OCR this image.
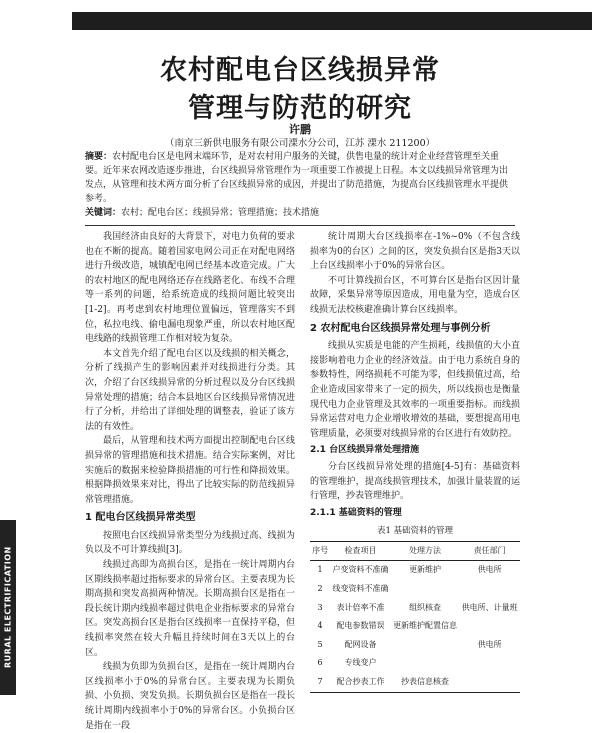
RURAL ELECTRIFICATION
农村配电台区线损异常
管理与防范的研究
许鹏
（南京三新供电服务有限公司溧水分公司，江苏 溧水 211200）
摘要：农村配电台区是电网末端环节，是对农村用户服务的关键，供售电量的统计对企业经营管理至关重要。近年来农网改造逐步推进，台区线损异常管理作为一项重要工作被提上日程。本文以线损异常管理为出发点，从管理和技术两方面分析了台区线损异常的成因，并提出了防范措施，为提高台区线损管理水平提供参考。
关键词：农村；配电台区；线损异常；管理措施；技术措施

我国经济由良好的大背景下，对电力负荷的要求也在不断的提高。随着国家电网公司正在对配电网络进行升级改造，城镇配电网已经基本改造完成。广大的农村地区的配电网络还存在线路老化、布线不合理等一系列的问题，给系统造成的线损问题比较突出[1-2]。再考虑到农村地理位置偏远，管理落实不到位，私拉电线、偷电漏电现象严重，所以农村地区配电线路的线损管理工作相对较为复杂。

本文首先介绍了配电台区以及线损的相关概念，分析了线损产生的影响因素并对线损进行分类。其次，介绍了台区线损异常的分析过程以及分台区线损异常处理的措施；结合本县地区台区线损异常情况进行了分析，并给出了详细处理的调整表，验证了该方法的有效性。

最后，从管理和技术两方面提出控制配电台区线损异常的管理措施和技术措施。结合实际案例，对比实施后的数据来检验降损措施的可行性和降损效果。根据降损效果来对比，得出了比较实际的防范线损异常管理措施。

1 配电台区线损异常类型

按照电台区线损异常类型分为线损过高、线损为负以及不可计算线损[3]。

线损过高即为高损台区，是指在一统计周期内台区期线损率超过指标要求的异常台区。主要表现为长期高损和突发高损两种情况。长期高损台区是指在一段长统计期内线损率超过供电企业指标要求的异常台区。突发高损台区是指台区线损率一直保持平稳，但线损率突然在较大升幅且持续时间在3天以上的台区。

线损为负即为负损台区，是指在一统计周期内台区线损率小于0%的异常台区。主要表现为长期负损、小负损、突发负损。长期负损台区是指在一段长统计周期内线损率小于0%的异常台区。小负损台区是指在一段

统计周期大台区线损率在-1%~0%（不包含线损率为0的台区）之间的区，突发负损台区是指3天以上台区线损率小于0%的异常台区。

不可计算线损台区，不可算台区是指台区因计量故障，采集异常等原因造成，用电量为空，造成台区线损无法校核避准确计算台区线损率。

2 农村配电台区线损异常处理与事例分析

线损从实质是电能的产生损耗，线损值的大小直接影响着电力企业的经济效益。由于电力系统自身的参数特性，网络损耗不可能为零，但线损值过高，给企业造成国家带来了一定的损失，所以线损也是衡量现代电力企业管理及其效率的一项重要指标。而线损异常运营对电力企业增收增效的基础，要想提高用电管理质量，必须要对线损异常的台区进行有效防控。

2.1 台区线损异常处理措施

分台区线损异常处理的措施[4-5]有：基础资料的管理维护，提高线损管理技术，加强计量装置的运行管理，抄表管理维护。

2.1.1 基础资料的管理
表1 基础资料的管理
序号	检查项目	处理方法	责任部门
1	户变资料不准确	更新维护	供电所
2	线变资料不准确		
3	表计倍率不准	组织核查	供电所、计量班
4	配电参数错误	更新维护配置信息	
5	配网设备		供电所
6	专线变户		
7	配合抄表工作	抄表信息核查	
